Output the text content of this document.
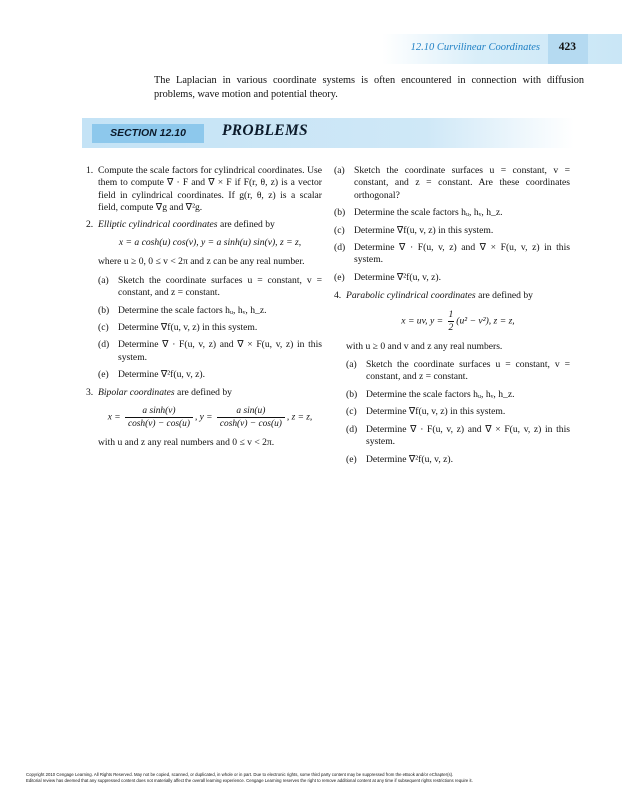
12.10 Curvilinear Coordinates 423

The Laplacian in various coordinate systems is often encountered in connection with diffusion problems, wave motion and potential theory.

SECTION 12.10	PROBLEMS
1. Compute the scale factors for cylindrical coordinates. Use them to compute ∇ · F and ∇ × F if F(r, θ, z) is a vector field in cylindrical coordinates. If g(r, θ, z) is a scalar field, compute ∇g and ∇²g.
2. Elliptic cylindrical coordinates are defined by
x = a cosh(u) cos(v), y = a sinh(u) sin(v), z = z,
where u ≥ 0, 0 ≤ v < 2π and z can be any real number.
(a) Sketch the coordinate surfaces u = constant, v = constant, and z = constant.
(b) Determine the scale factors hᵤ, hᵥ, h_z.
(c) Determine ∇f(u, v, z) in this system.
(d) Determine ∇ · F(u, v, z) and ∇ × F(u, v, z) in this system.
(e) Determine ∇²f(u, v, z).
3. Bipolar coordinates are defined by
$x = \frac{\text{a sinh(v)}}{\cosh(v) - \cos(u)}$ , $y = \frac{\text{a sin(u)}}{\cosh(v) - \cos(u)}$ , z = z,
with u and z any real numbers and 0 ≤ v < 2π.
(a) Sketch the coordinate surfaces u = constant, v = constant, and z = constant. Are these coordinates orthogonal?
(b) Determine the scale factors hᵤ, hᵥ, h_z.
(c) Determine ∇f(u, v, z) in this system.
(d) Determine ∇ · F(u, v, z) and ∇ × F(u, v, z) in this system.
(e) Determine ∇²f(u, v, z).
4. Parabolic cylindrical coordinates are defined by
x = uv, $y = \frac{1}{2} (u^2 - v^2)$, z = z,
with u ≥ 0 and v and z any real numbers.
(a) Sketch the coordinate surfaces u = constant, v = constant, and z = constant.
(b) Determine the scale factors hᵤ, hᵥ, h_z.
(c) Determine ∇f(u, v, z) in this system.
(d) Determine ∇ · F(u, v, z) and ∇ × F(u, v, z) in this system.
(e) Determine ∇²f(u, v, z).
Copyright 2010 Cengage Learning. All Rights Reserved. May not be copied, scanned, or duplicated, in whole or in part. Due to electronic rights, some third party content may be suppressed from the eBook and/or eChapter(s).
Editorial review has deemed that any suppressed content does not materially affect the overall learning experience. Cengage Learning reserves the right to remove additional content at any time if subsequent rights restrictions require it.
